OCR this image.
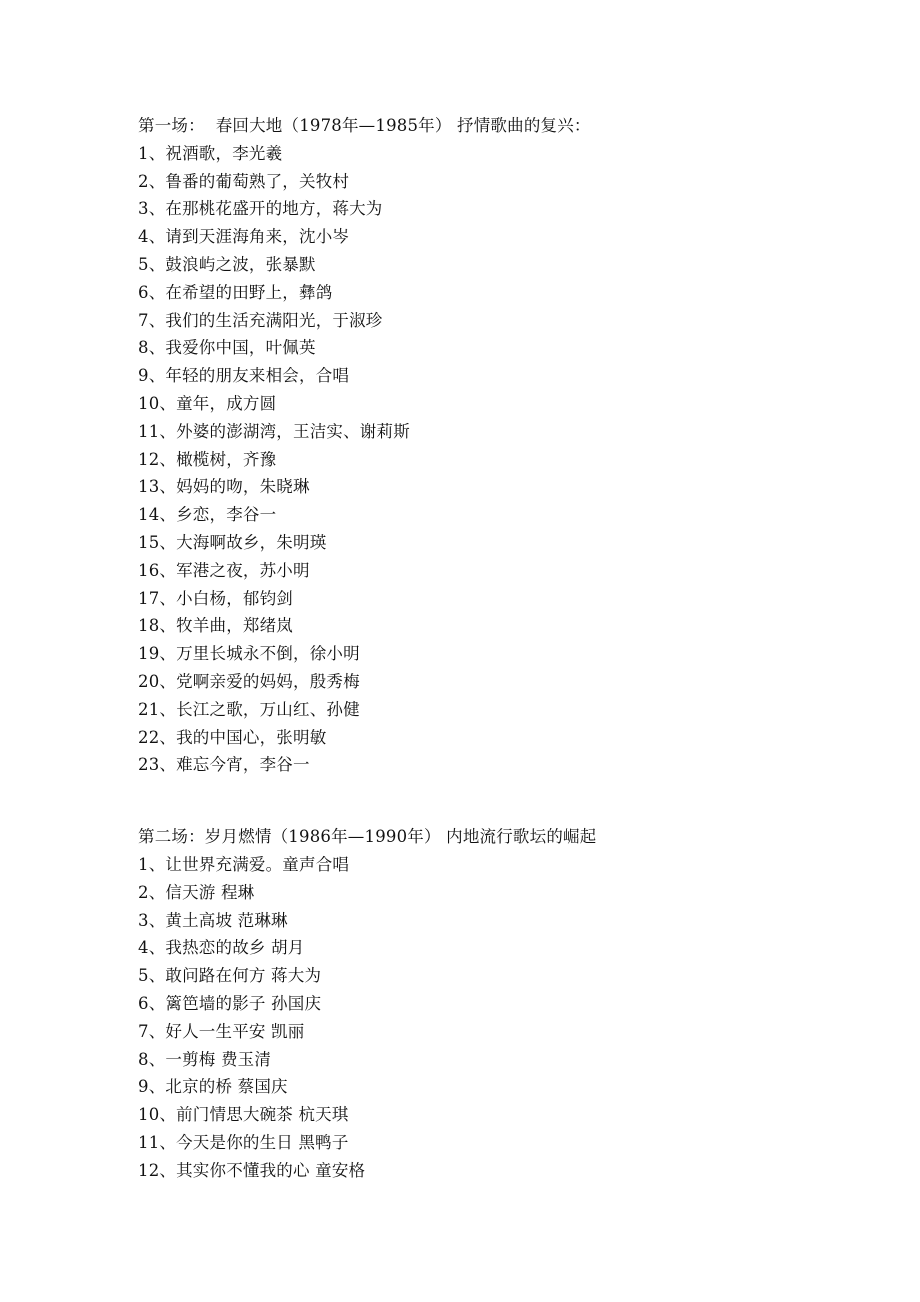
第一场：  春回大地（1978年—1985年） 抒情歌曲的复兴：
1、祝酒歌，李光羲
2、鲁番的葡萄熟了，关牧村
3、在那桃花盛开的地方，蒋大为
4、请到天涯海角来，沈小岑
5、鼓浪屿之波，张暴默
6、在希望的田野上，彝鸽
7、我们的生活充满阳光，于淑珍
8、我爱你中国，叶佩英
9、年轻的朋友来相会，合唱
10、童年，成方圆
11、外婆的澎湖湾，王洁实、谢莉斯
12、橄榄树，齐豫
13、妈妈的吻，朱晓琳
14、乡恋，李谷一
15、大海啊故乡，朱明瑛
16、军港之夜，苏小明
17、小白杨，郁钧剑
18、牧羊曲，郑绪岚
19、万里长城永不倒，徐小明
20、党啊亲爱的妈妈，殷秀梅
21、长江之歌，万山红、孙健
22、我的中国心，张明敏
23、难忘今宵，李谷一
第二场：岁月燃情（1986年—1990年） 内地流行歌坛的崛起
1、让世界充满爱。童声合唱
2、信天游 程琳
3、黄土高坡 范琳琳
4、我热恋的故乡 胡月
5、敢问路在何方 蒋大为
6、篱笆墙的影子 孙国庆
7、好人一生平安 凯丽
8、一剪梅 费玉清
9、北京的桥 蔡国庆
10、前门情思大碗茶 杭天琪
11、今天是你的生日 黑鸭子
12、其实你不懂我的心 童安格
